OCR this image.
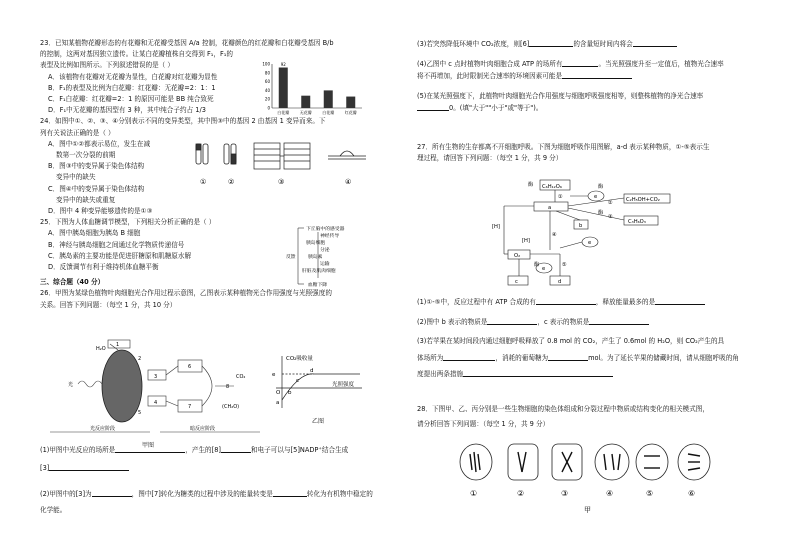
23．已知某植物花瓣形态的有花瓣和无花瓣受基因 A/a 控制，花瓣颜色的红花瓣和白花瓣受基因 B/b
的控制，这两对基因独立遗传。让某白花瓣植株自交得到 F₁，F₁的
表型及比例如图所示。下列叙述错误的是（ ）
A．该植物有花瓣对无花瓣为显性，白花瓣对红花瓣为显性
B．F₁的表型及比例为白花瓣：红花瓣：无花瓣=2：1：1
C．F₁白花瓣：红花瓣=2：1 的原因可能是 BB 纯合致死
D．F₁中无花瓣的基因型有 3 种，其中纯合子约占 1/3
24．如图中①、②、③、④分别表示不同的变异类型，其中图③中的基因 2 由基因 1 变异而来。下
列有关说法正确的是（ ）
A．图中①②都表示易位，发生在减
数第一次分裂的前期
B．图③中的变异属于染色体结构
变异中的缺失
C．图④中的变异属于染色体结构
变异中的缺失或重复
D．图中 4 种变异能够遗传的是①③
25．下图为人体血糖调节模型，下列相关分析正确的是（ ）
A．图中胰岛细胞为胰岛 B 细胞
B．神经与胰岛细胞之间通过化学物质传递信号
C．胰岛素的主要功能是促进肝糖原和肌糖原水解
D．反馈调节有利于维持机体血糖平衡
三、综合题（40 分）
26．甲图为某绿色植物叶肉细胞光合作用过程示意图，乙图表示某种植物光合作用强度与光照强度的
关系。回答下列问题：（每空 1 分，共 10 分）
100
80
60
40
20
0
白花瓣
92
无花瓣	白花瓣	红花瓣
①	②	③	④
下丘脑中的感受器
神经传导
胰岛细胞
分泌
胰岛素
运输
肝脏及肌肉细胞
血糖下降
反馈
H₂O
光
光反应阶段	暗反应阶段
CO₂
(CH₂O)
1
2
3
4
5
6
7
8
甲图
CO₂吸收量
光照强度
O
a
b
c
d
e
乙图
(1)甲图中光反应的场所是	，产生的[8]	和电子可以与[5]NADP⁺结合生成
[3]
(2)甲图中的[3]为	，图中[7]转化为糖类的过程中涉及的能量转变是	转化为有机物中稳定的
化学能。
(3)若突然降低环境中 CO₂浓度，则[6]	的含量短时间内将会
(4)乙图中 c 点时植物叶肉细胞合成 ATP 的场所有	。当光照强度升至一定值后，植物光合速率
将不再增加，此时限制光合速率的环境因素可能是
(5)在某光照强度下，此植物叶肉细胞光合作用强度与细胞呼吸强度相等，则整株植物的净光合速率
0。(填"大于""小于"或"等于")。
27．所有生物的生存都离不开细胞呼吸。下图为细胞呼吸作用图解，a-d 表示某种物质，①-⑤表示生
理过程，请回答下列问题：（每空 1 分，共 9 分）
C₆H₁₂O₆
酶	酶
酶
酶
a
b
c	d
e
e
e
[H]
[H]
O₂
C₂H₅OH+CO₂
C₃H₆O₃
①
②
③
④
⑤
(1)①-⑤中，反应过程中有 ATP 合成的有	，释放能量最多的是
(2)图中 b 表示的物质是	，c 表示的物质是
(3)若苹果在某时间段内通过细胞呼吸释放了 0.8 mol 的 CO₂，产生了 0.6mol 的 H₂O，则 CO₂产生的具
体场所为	，消耗的葡萄糖为	mol。为了延长苹果的储藏时间，请从细胞呼吸的角
度提出两条措施
28．下图甲、乙、丙分别是一些生物细胞的染色体组成和分裂过程中物质或结构变化的相关模式图，
请分析回答下列问题：（每空 1 分，共 9 分）
①	②	③	④	⑤	⑥
甲
